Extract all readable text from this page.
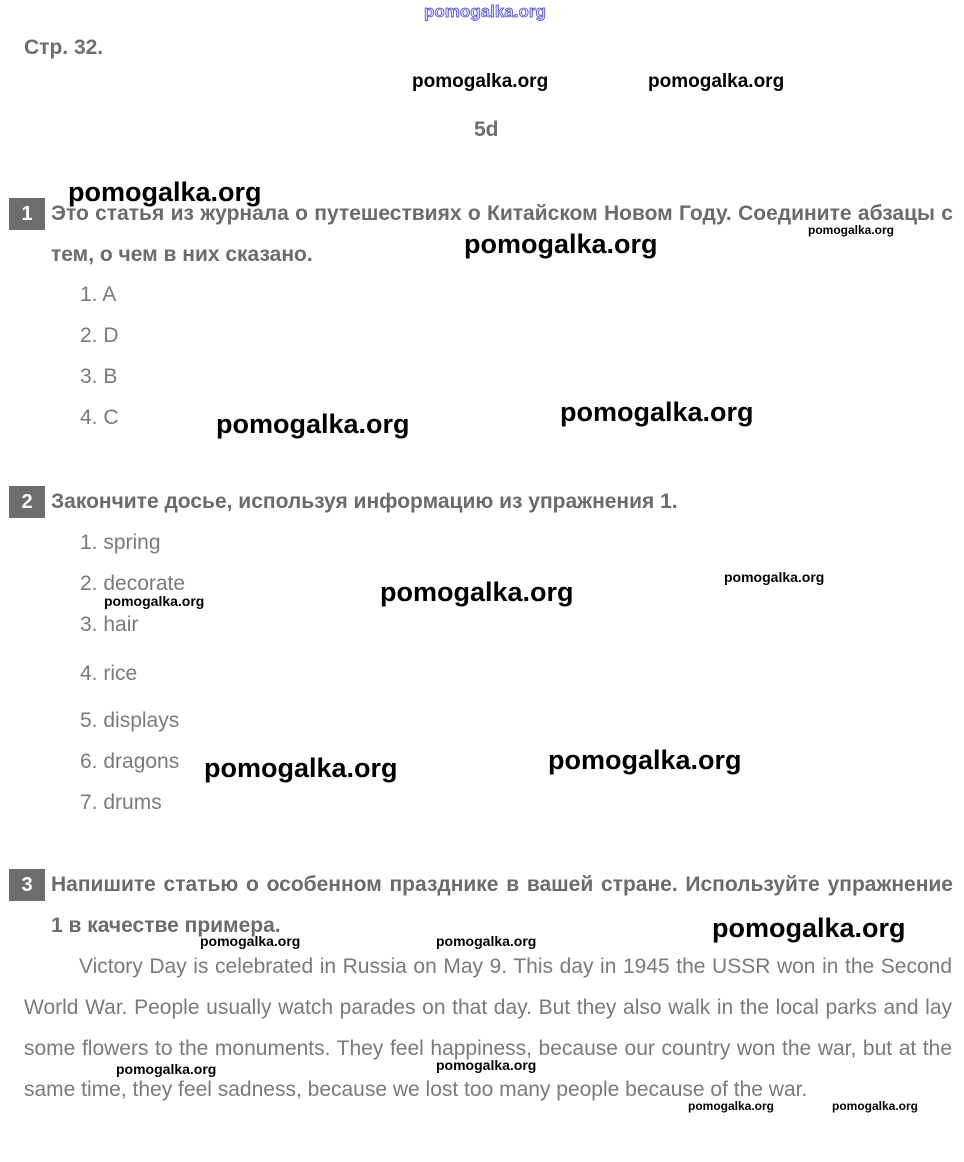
Стр. 32.
5d
1 Это статья из журнала о путешествиях о Китайском Новом Году. Соедините абзацы с тем, о чем в них сказано.

1. A
2. D
3. B
4. C
2 Закончите досье, используя информацию из упражнения 1.

1. spring
2. decorate
3. hair
4. rice
5. displays
6. dragons
7. drums
3 Напишите статью о особенном празднике в вашей стране. Используйте упражнение 1 в качестве примера.

Victory Day is celebrated in Russia on May 9. This day in 1945 the USSR won in the Second World War. People usually watch parades on that day. But they also walk in the local parks and lay some flowers to the monuments. They feel happiness, because our country won the war, but at the same time, they feel sadness, because we lost too many people because of the war.

pomogalka.org
pomogalka.org	pomogalka.org
pomogalka.org
pomogalka.org
pomogalka.org
pomogalka.org
pomogalka.org
pomogalka.org
pomogalka.org
pomogalka.org
pomogalka.org
pomogalka.org
pomogalka.org
pomogalka.org	pomogalka.org
pomogalka.org
pomogalka.org
pomogalka.org	pomogalka.org
